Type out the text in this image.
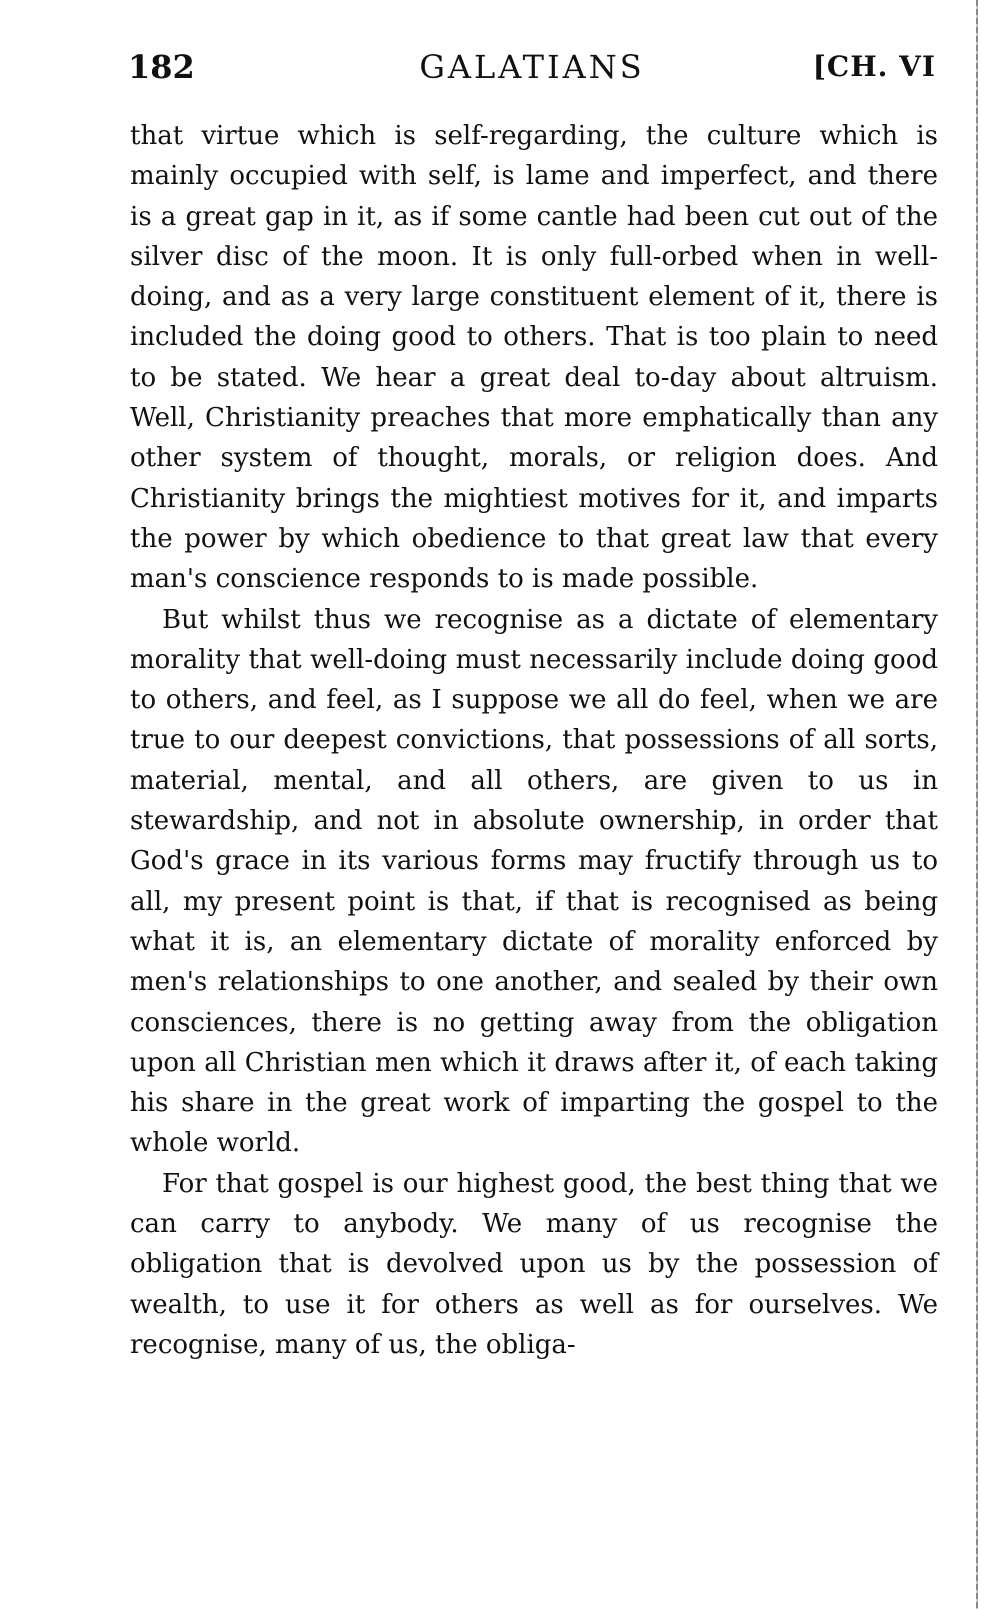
182	GALATIANS	[CH. VI

that virtue which is self-regarding, the culture which is mainly occupied with self, is lame and imperfect, and there is a great gap in it, as if some cantle had been cut out of the silver disc of the moon. It is only full-orbed when in well-doing, and as a very large constituent element of it, there is included the doing good to others. That is too plain to need to be stated. We hear a great deal to-day about altruism. Well, Christianity preaches that more emphatically than any other system of thought, morals, or religion does. And Christianity brings the mightiest motives for it, and imparts the power by which obedience to that great law that every man's conscience responds to is made possible.

But whilst thus we recognise as a dictate of elementary morality that well-doing must necessarily include doing good to others, and feel, as I suppose we all do feel, when we are true to our deepest convictions, that possessions of all sorts, material, mental, and all others, are given to us in stewardship, and not in absolute ownership, in order that God's grace in its various forms may fructify through us to all, my present point is that, if that is recognised as being what it is, an elementary dictate of morality enforced by men's relationships to one another, and sealed by their own consciences, there is no getting away from the obligation upon all Christian men which it draws after it, of each taking his share in the great work of imparting the gospel to the whole world.

For that gospel is our highest good, the best thing that we can carry to anybody. We many of us recognise the obligation that is devolved upon us by the possession of wealth, to use it for others as well as for ourselves. We recognise, many of us, the obliga-
